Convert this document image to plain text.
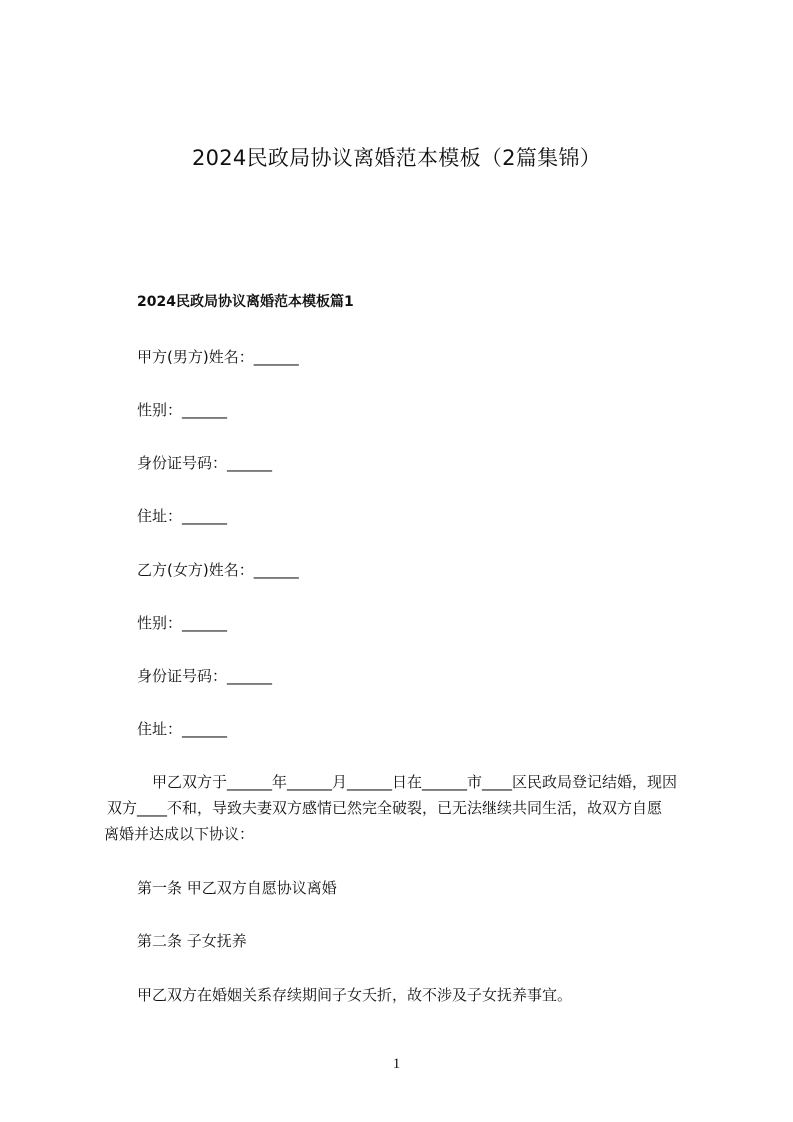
2024民政局协议离婚范本模板（2篇集锦）
2024民政局协议离婚范本模板篇1
甲方(男方)姓名：______
性别：______
身份证号码：______
住址：______
乙方(女方)姓名：______
性别：______
身份证号码：______
住址：______
　甲乙双方于______年______月______日在______市____区民政局登记结婚，现因
双方____不和，导致夫妻双方感情已然完全破裂，已无法继续共同生活，故双方自愿
离婚并达成以下协议：
第一条 甲乙双方自愿协议离婚
第二条 子女抚养
甲乙双方在婚姻关系存续期间子女夭折，故不涉及子女抚养事宜。
1
